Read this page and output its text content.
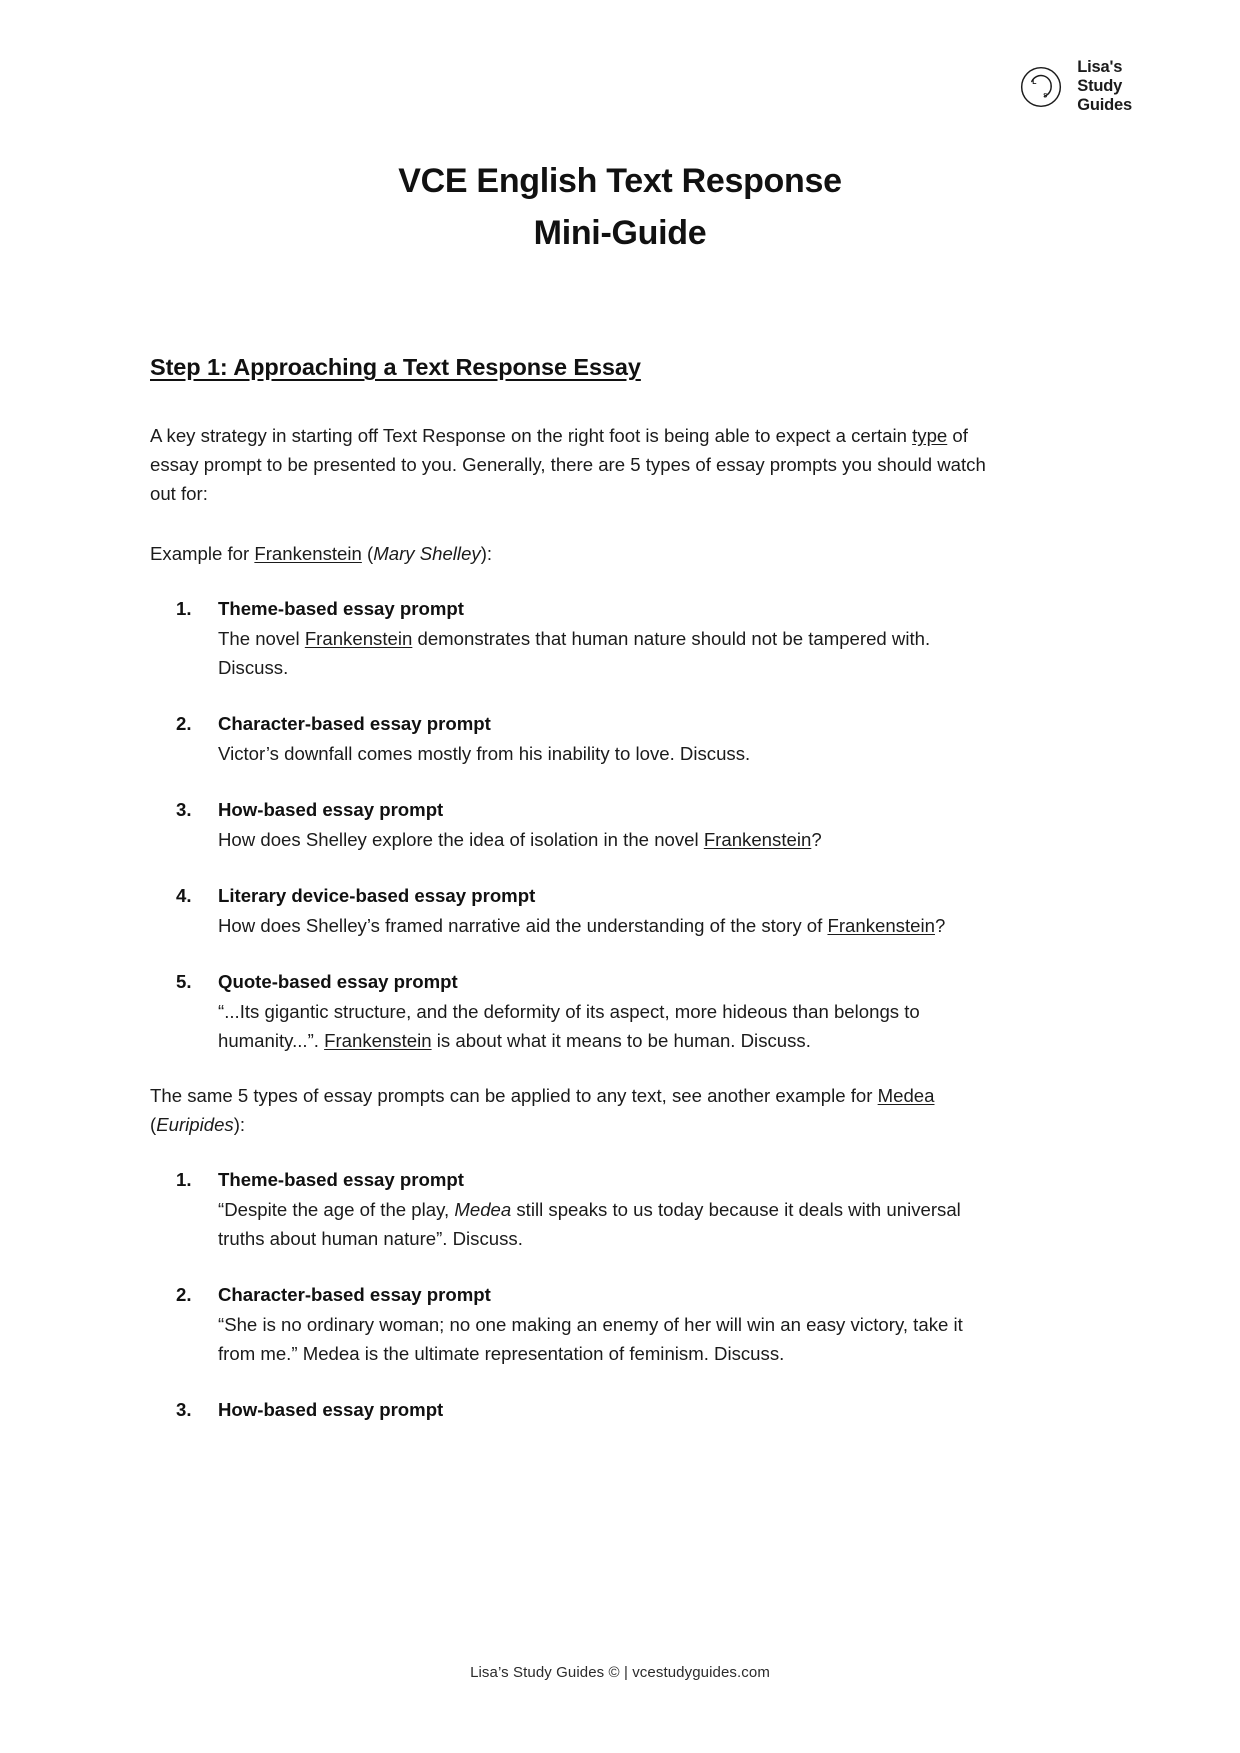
L
S
Lisa's
Study
Guides
VCE English Text Response
Mini-Guide
Step 1: Approaching a Text Response Essay

A key strategy in starting off Text Response on the right foot is being able to expect a certain type of essay prompt to be presented to you. Generally, there are 5 types of essay prompts you should watch out for:

Example for Frankenstein (Mary Shelley):

Theme-based essay prompt
The novel Frankenstein demonstrates that human nature should not be tampered with. Discuss.
Character-based essay prompt
Victor’s downfall comes mostly from his inability to love. Discuss.
How-based essay prompt
How does Shelley explore the idea of isolation in the novel Frankenstein?
Literary device-based essay prompt
How does Shelley’s framed narrative aid the understanding of the story of Frankenstein?
Quote-based essay prompt
“...Its gigantic structure, and the deformity of its aspect, more hideous than belongs to humanity...”. Frankenstein is about what it means to be human. Discuss.

The same 5 types of essay prompts can be applied to any text, see another example for Medea (Euripides):

Theme-based essay prompt
“Despite the age of the play, Medea still speaks to us today because it deals with universal truths about human nature”. Discuss.
Character-based essay prompt
“She is no ordinary woman; no one making an enemy of her will win an easy victory, take it from me.” Medea is the ultimate representation of feminism. Discuss.
How-based essay prompt
Lisa’s Study Guides © | vcestudyguides.com
